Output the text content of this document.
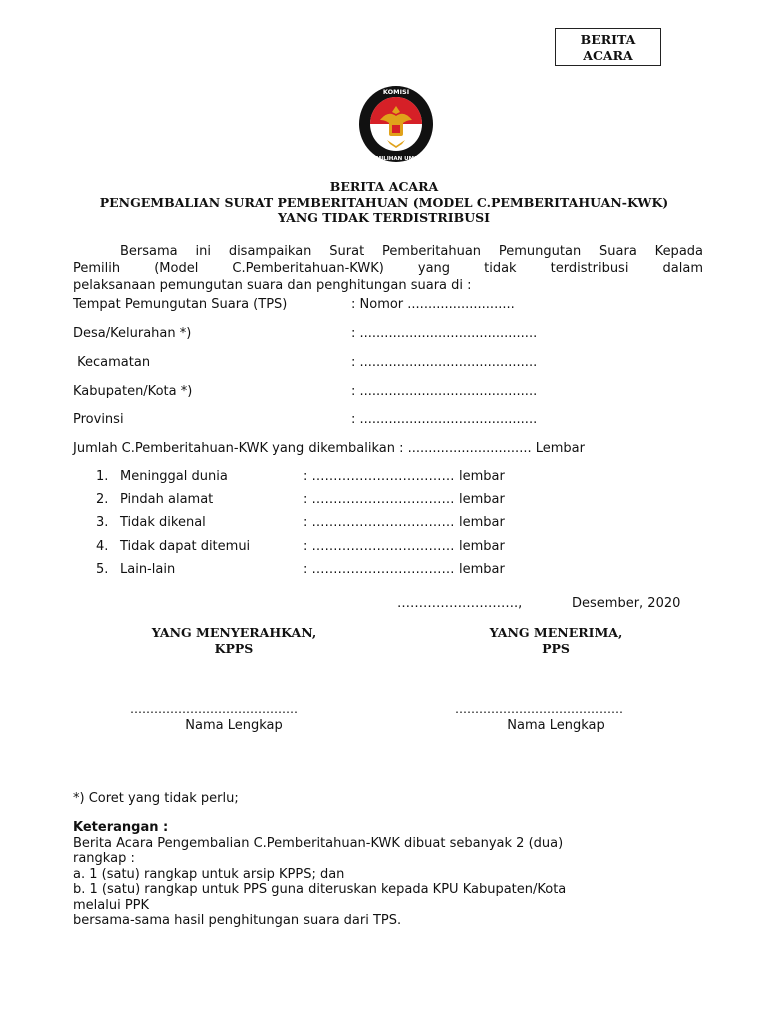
BERITA
ACARA
KOMISI
PEMILIHAN UMUM
BERITA ACARA
PENGEMBALIAN SURAT PEMBERITAHUAN (MODEL C.PEMBERITAHUAN-KWK)
YANG TIDAK TERDISTRIBUSI
Bersama ini disampaikan Surat Pemberitahuan Pemungutan Suara Kepada
Pemilih (Model C.Pemberitahuan-KWK) yang tidak terdistribusi dalam
pelaksanaan pemungutan suara dan penghitungan suara di :
Tempat Pemungutan Suara (TPS)	: Nomor ..........................
Desa/Kelurahan *)	: ...........................................
Kecamatan	: ...........................................
Kabupaten/Kota *)	: ...........................................
Provinsi	: ...........................................
Jumlah C.Pemberitahuan-KWK yang dikembalikan : .............................. Lembar
1. Meninggal dunia	: …………………………… lembar
2. Pindah alamat	: …………………………… lembar
3. Tidak dikenal	: …………………………… lembar
4. Tidak dapat ditemui	: …………………………… lembar
5. Lain-lain	: …………………………… lembar
……………………….,	Desember, 2020
YANG MENYERAHKAN,
KPPS
YANG MENERIMA,
PPS
……………………………………	……………………………………
Nama Lengkap	Nama Lengkap
*) Coret yang tidak perlu;
Keterangan :
Berita Acara Pengembalian C.Pemberitahuan-KWK dibuat sebanyak 2 (dua)
rangkap :
a. 1 (satu) rangkap untuk arsip KPPS; dan
b. 1 (satu) rangkap untuk PPS guna diteruskan kepada KPU Kabupaten/Kota
melalui PPK
bersama-sama hasil penghitungan suara dari TPS.
